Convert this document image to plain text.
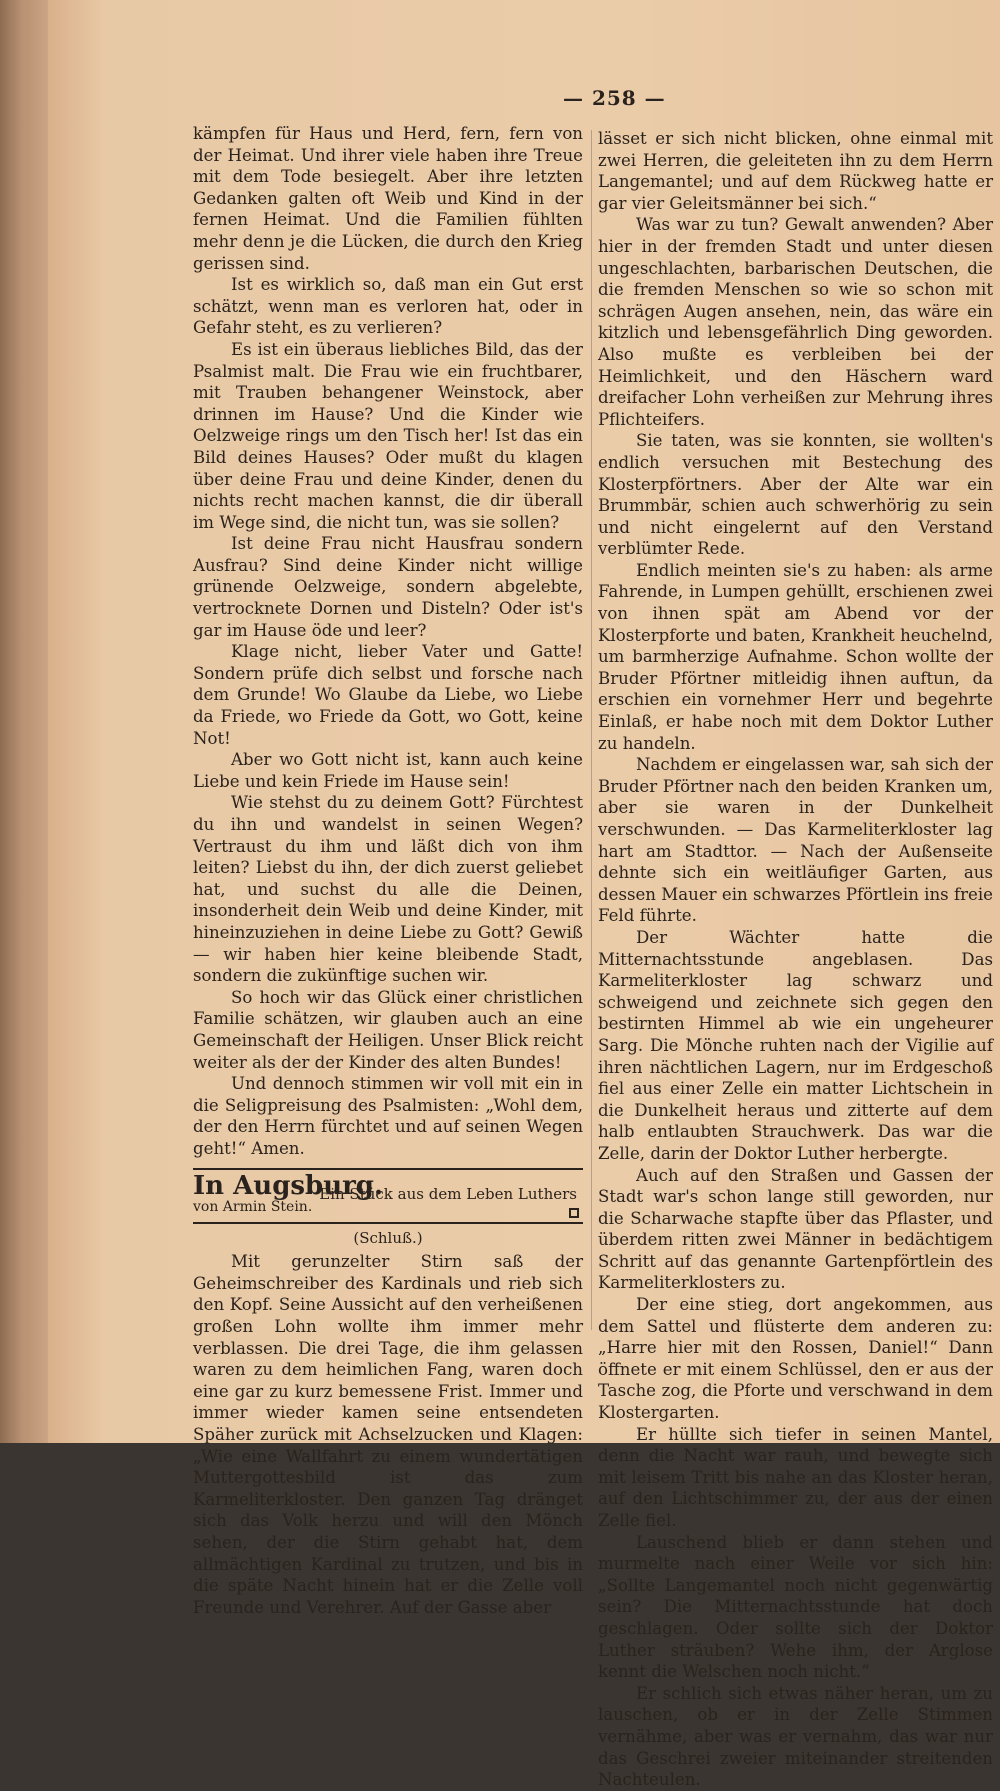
— 258 —

kämpfen für Haus und Herd, fern, fern von der Heimat. Und ihrer viele haben ihre Treue mit dem Tode besiegelt. Aber ihre letzten Gedanken galten oft Weib und Kind in der fernen Heimat. Und die Familien fühlten mehr denn je die Lücken, die durch den Krieg gerissen sind.

Ist es wirklich so, daß man ein Gut erst schätzt, wenn man es verloren hat, oder in Gefahr steht, es zu verlieren?

Es ist ein überaus liebliches Bild, das der Psalmist malt. Die Frau wie ein fruchtbarer, mit Trauben behangener Weinstock, aber drinnen im Hause? Und die Kinder wie Oelzweige rings um den Tisch her! Ist das ein Bild deines Hauses? Oder mußt du klagen über deine Frau und deine Kinder, denen du nichts recht machen kannst, die dir überall im Wege sind, die nicht tun, was sie sollen?

Ist deine Frau nicht Hausfrau sondern Ausfrau? Sind deine Kinder nicht willige grünende Oelzweige, sondern abgelebte, vertrocknete Dornen und Disteln? Oder ist's gar im Hause öde und leer?

Klage nicht, lieber Vater und Gatte! Sondern prüfe dich selbst und forsche nach dem Grunde! Wo Glaube da Liebe, wo Liebe da Friede, wo Friede da Gott, wo Gott, keine Not!

Aber wo Gott nicht ist, kann auch keine Liebe und kein Friede im Hause sein!

Wie stehst du zu deinem Gott? Fürchtest du ihn und wandelst in seinen Wegen? Vertraust du ihm und läßt dich von ihm leiten? Liebst du ihn, der dich zuerst geliebet hat, und suchst du alle die Deinen, insonderheit dein Weib und deine Kinder, mit hineinzuziehen in deine Liebe zu Gott? Gewiß — wir haben hier keine bleibende Stadt, sondern die zukünftige suchen wir.

So hoch wir das Glück einer christlichen Familie schätzen, wir glauben auch an eine Gemeinschaft der Heiligen. Unser Blick reicht weiter als der der Kinder des alten Bundes!

Und dennoch stimmen wir voll mit ein in die Seligpreisung des Psalmisten: „Wohl dem, der den Herrn fürchtet und auf seinen Wegen geht!“ Amen.

In Augsburg.
Ein Stück aus dem Leben Luthers
von Armin Stein.
(Schluß.)

Mit gerunzelter Stirn saß der Geheimschreiber des Kardinals und rieb sich den Kopf. Seine Aussicht auf den verheißenen großen Lohn wollte ihm immer mehr verblassen. Die drei Tage, die ihm gelassen waren zu dem heimlichen Fang, waren doch eine gar zu kurz bemessene Frist. Immer und immer wieder kamen seine entsendeten Späher zurück mit Achselzucken und Klagen: „Wie eine Wallfahrt zu einem wundertätigen Muttergottesbild ist das zum Karmeliterkloster. Den ganzen Tag dränget sich das Volk herzu und will den Mönch sehen, der die Stirn gehabt hat, dem allmächtigen Kardinal zu trutzen, und bis in die späte Nacht hinein hat er die Zelle voll Freunde und Verehrer. Auf der Gasse aber

lässet er sich nicht blicken, ohne einmal mit zwei Herren, die geleiteten ihn zu dem Herrn Langemantel; und auf dem Rückweg hatte er gar vier Geleitsmänner bei sich.“

Was war zu tun? Gewalt anwenden? Aber hier in der fremden Stadt und unter diesen ungeschlachten, barbarischen Deutschen, die die fremden Menschen so wie so schon mit schrägen Augen ansehen, nein, das wäre ein kitzlich und lebensgefährlich Ding geworden. Also mußte es verbleiben bei der Heimlichkeit, und den Häschern ward dreifacher Lohn verheißen zur Mehrung ihres Pflichteifers.

Sie taten, was sie konnten, sie wollten's endlich versuchen mit Bestechung des Klosterpförtners. Aber der Alte war ein Brummbär, schien auch schwerhörig zu sein und nicht eingelernt auf den Verstand verblümter Rede.

Endlich meinten sie's zu haben: als arme Fahrende, in Lumpen gehüllt, erschienen zwei von ihnen spät am Abend vor der Klosterpforte und baten, Krankheit heuchelnd, um barmherzige Aufnahme. Schon wollte der Bruder Pförtner mitleidig ihnen auftun, da erschien ein vornehmer Herr und begehrte Einlaß, er habe noch mit dem Doktor Luther zu handeln.

Nachdem er eingelassen war, sah sich der Bruder Pförtner nach den beiden Kranken um, aber sie waren in der Dunkelheit verschwunden. — Das Karmeliterkloster lag hart am Stadttor. — Nach der Außenseite dehnte sich ein weitläufiger Garten, aus dessen Mauer ein schwarzes Pförtlein ins freie Feld führte.

Der Wächter hatte die Mitternachtsstunde angeblasen. Das Karmeliterkloster lag schwarz und schweigend und zeichnete sich gegen den bestirnten Himmel ab wie ein ungeheurer Sarg. Die Mönche ruhten nach der Vigilie auf ihren nächtlichen Lagern, nur im Erdgeschoß fiel aus einer Zelle ein matter Lichtschein in die Dunkelheit heraus und zitterte auf dem halb entlaubten Strauchwerk. Das war die Zelle, darin der Doktor Luther herbergte.

Auch auf den Straßen und Gassen der Stadt war's schon lange still geworden, nur die Scharwache stapfte über das Pflaster, und überdem ritten zwei Männer in bedächtigem Schritt auf das genannte Gartenpförtlein des Karmeliterklosters zu.

Der eine stieg, dort angekommen, aus dem Sattel und flüsterte dem anderen zu: „Harre hier mit den Rossen, Daniel!“ Dann öffnete er mit einem Schlüssel, den er aus der Tasche zog, die Pforte und verschwand in dem Klostergarten.

Er hüllte sich tiefer in seinen Mantel, denn die Nacht war rauh, und bewegte sich mit leisem Tritt bis nahe an das Kloster heran, auf den Lichtschimmer zu, der aus der einen Zelle fiel.

Lauschend blieb er dann stehen und murmelte nach einer Weile vor sich hin: „Sollte Langemantel noch nicht gegenwärtig sein? Die Mitternachtsstunde hat doch geschlagen. Oder sollte sich der Doktor Luther sträuben? Wehe ihm, der Arglose kennt die Welschen noch nicht.“

Er schlich sich etwas näher heran, um zu lauschen, ob er in der Zelle Stimmen vernähme, aber was er vernahm, das war nur das Geschrei zweier miteinander streitenden Nachteulen.
